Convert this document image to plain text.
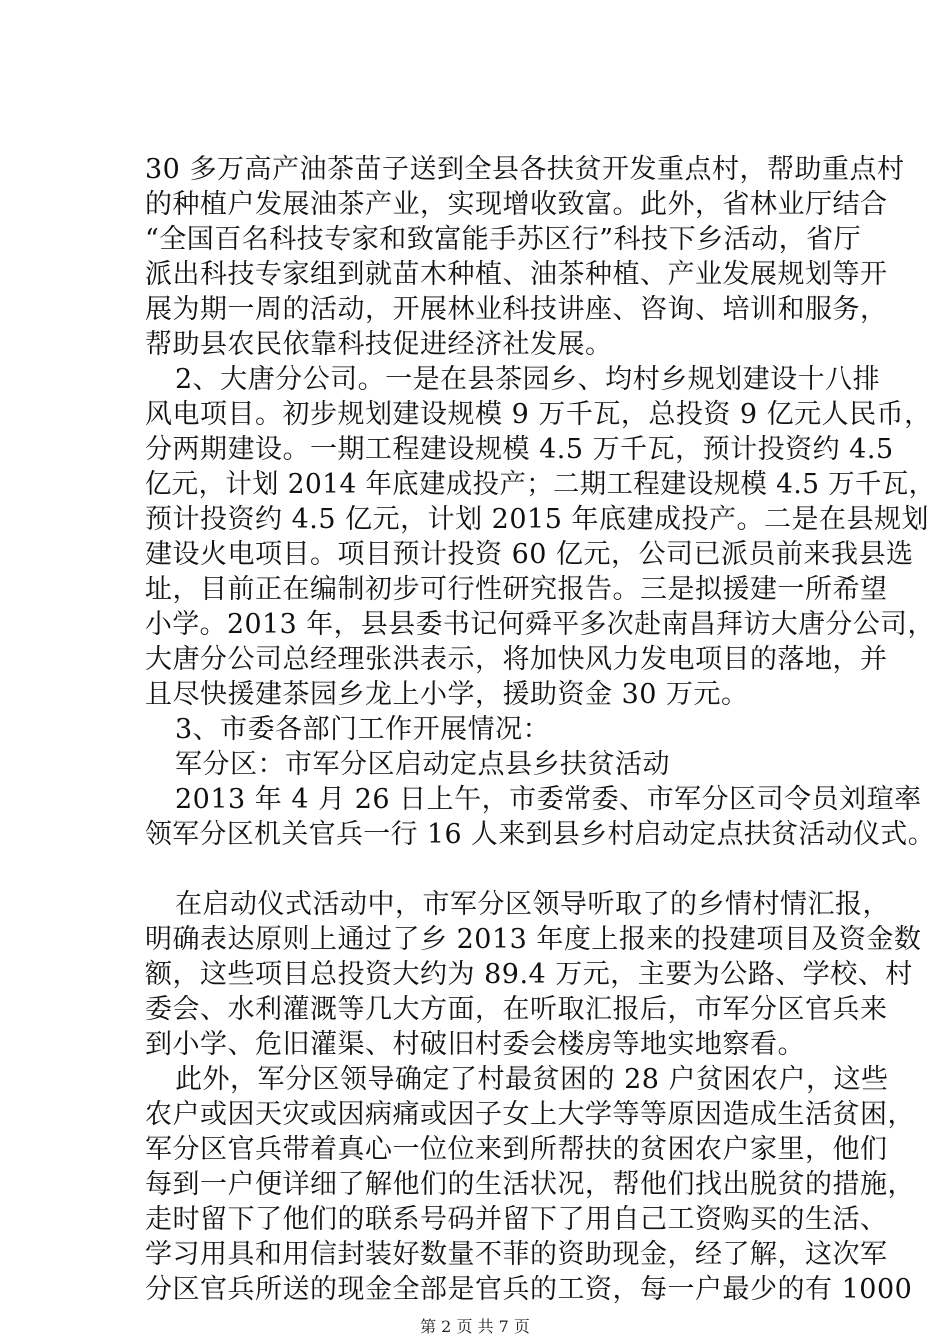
30 多万高产油茶苗子送到全县各扶贫开发重点村，帮助重点村
的种植户发展油茶产业，实现增收致富。此外，省林业厅结合
“全国百名科技专家和致富能手苏区行”科技下乡活动，省厅
派出科技专家组到就苗木种植、油茶种植、产业发展规划等开
展为期一周的活动，开展林业科技讲座、咨询、培训和服务，
帮助县农民依靠科技促进经济社发展。
2、大唐分公司。一是在县茶园乡、均村乡规划建设十八排
风电项目。初步规划建设规模 9 万千瓦，总投资 9 亿元人民币，
分两期建设。一期工程建设规模 4.5 万千瓦，预计投资约 4.5
亿元，计划 2014 年底建成投产；二期工程建设规模 4.5 万千瓦，
预计投资约 4.5 亿元，计划 2015 年底建成投产。二是在县规划
建设火电项目。项目预计投资 60 亿元，公司已派员前来我县选
址，目前正在编制初步可行性研究报告。三是拟援建一所希望
小学。2013 年，县县委书记何舜平多次赴南昌拜访大唐分公司，
大唐分公司总经理张洪表示，将加快风力发电项目的落地，并
且尽快援建茶园乡龙上小学，援助资金 30 万元。
3、市委各部门工作开展情况：
军分区：市军分区启动定点县乡扶贫活动
2013 年 4 月 26 日上午，市委常委、市军分区司令员刘瑄率
领军分区机关官兵一行 16 人来到县乡村启动定点扶贫活动仪式。
在启动仪式活动中，市军分区领导听取了的乡情村情汇报，
明确表达原则上通过了乡 2013 年度上报来的投建项目及资金数
额，这些项目总投资大约为 89.4 万元，主要为公路、学校、村
委会、水利灌溉等几大方面，在听取汇报后，市军分区官兵来
到小学、危旧灌渠、村破旧村委会楼房等地实地察看。
此外，军分区领导确定了村最贫困的 28 户贫困农户，这些
农户或因天灾或因病痛或因子女上大学等等原因造成生活贫困，
军分区官兵带着真心一位位来到所帮扶的贫困农户家里，他们
每到一户便详细了解他们的生活状况，帮他们找出脱贫的措施，
走时留下了他们的联系号码并留下了用自己工资购买的生活、
学习用具和用信封装好数量不菲的资助现金，经了解，这次军
分区官兵所送的现金全部是官兵的工资，每一户最少的有 1000
第 2 页 共 7 页
